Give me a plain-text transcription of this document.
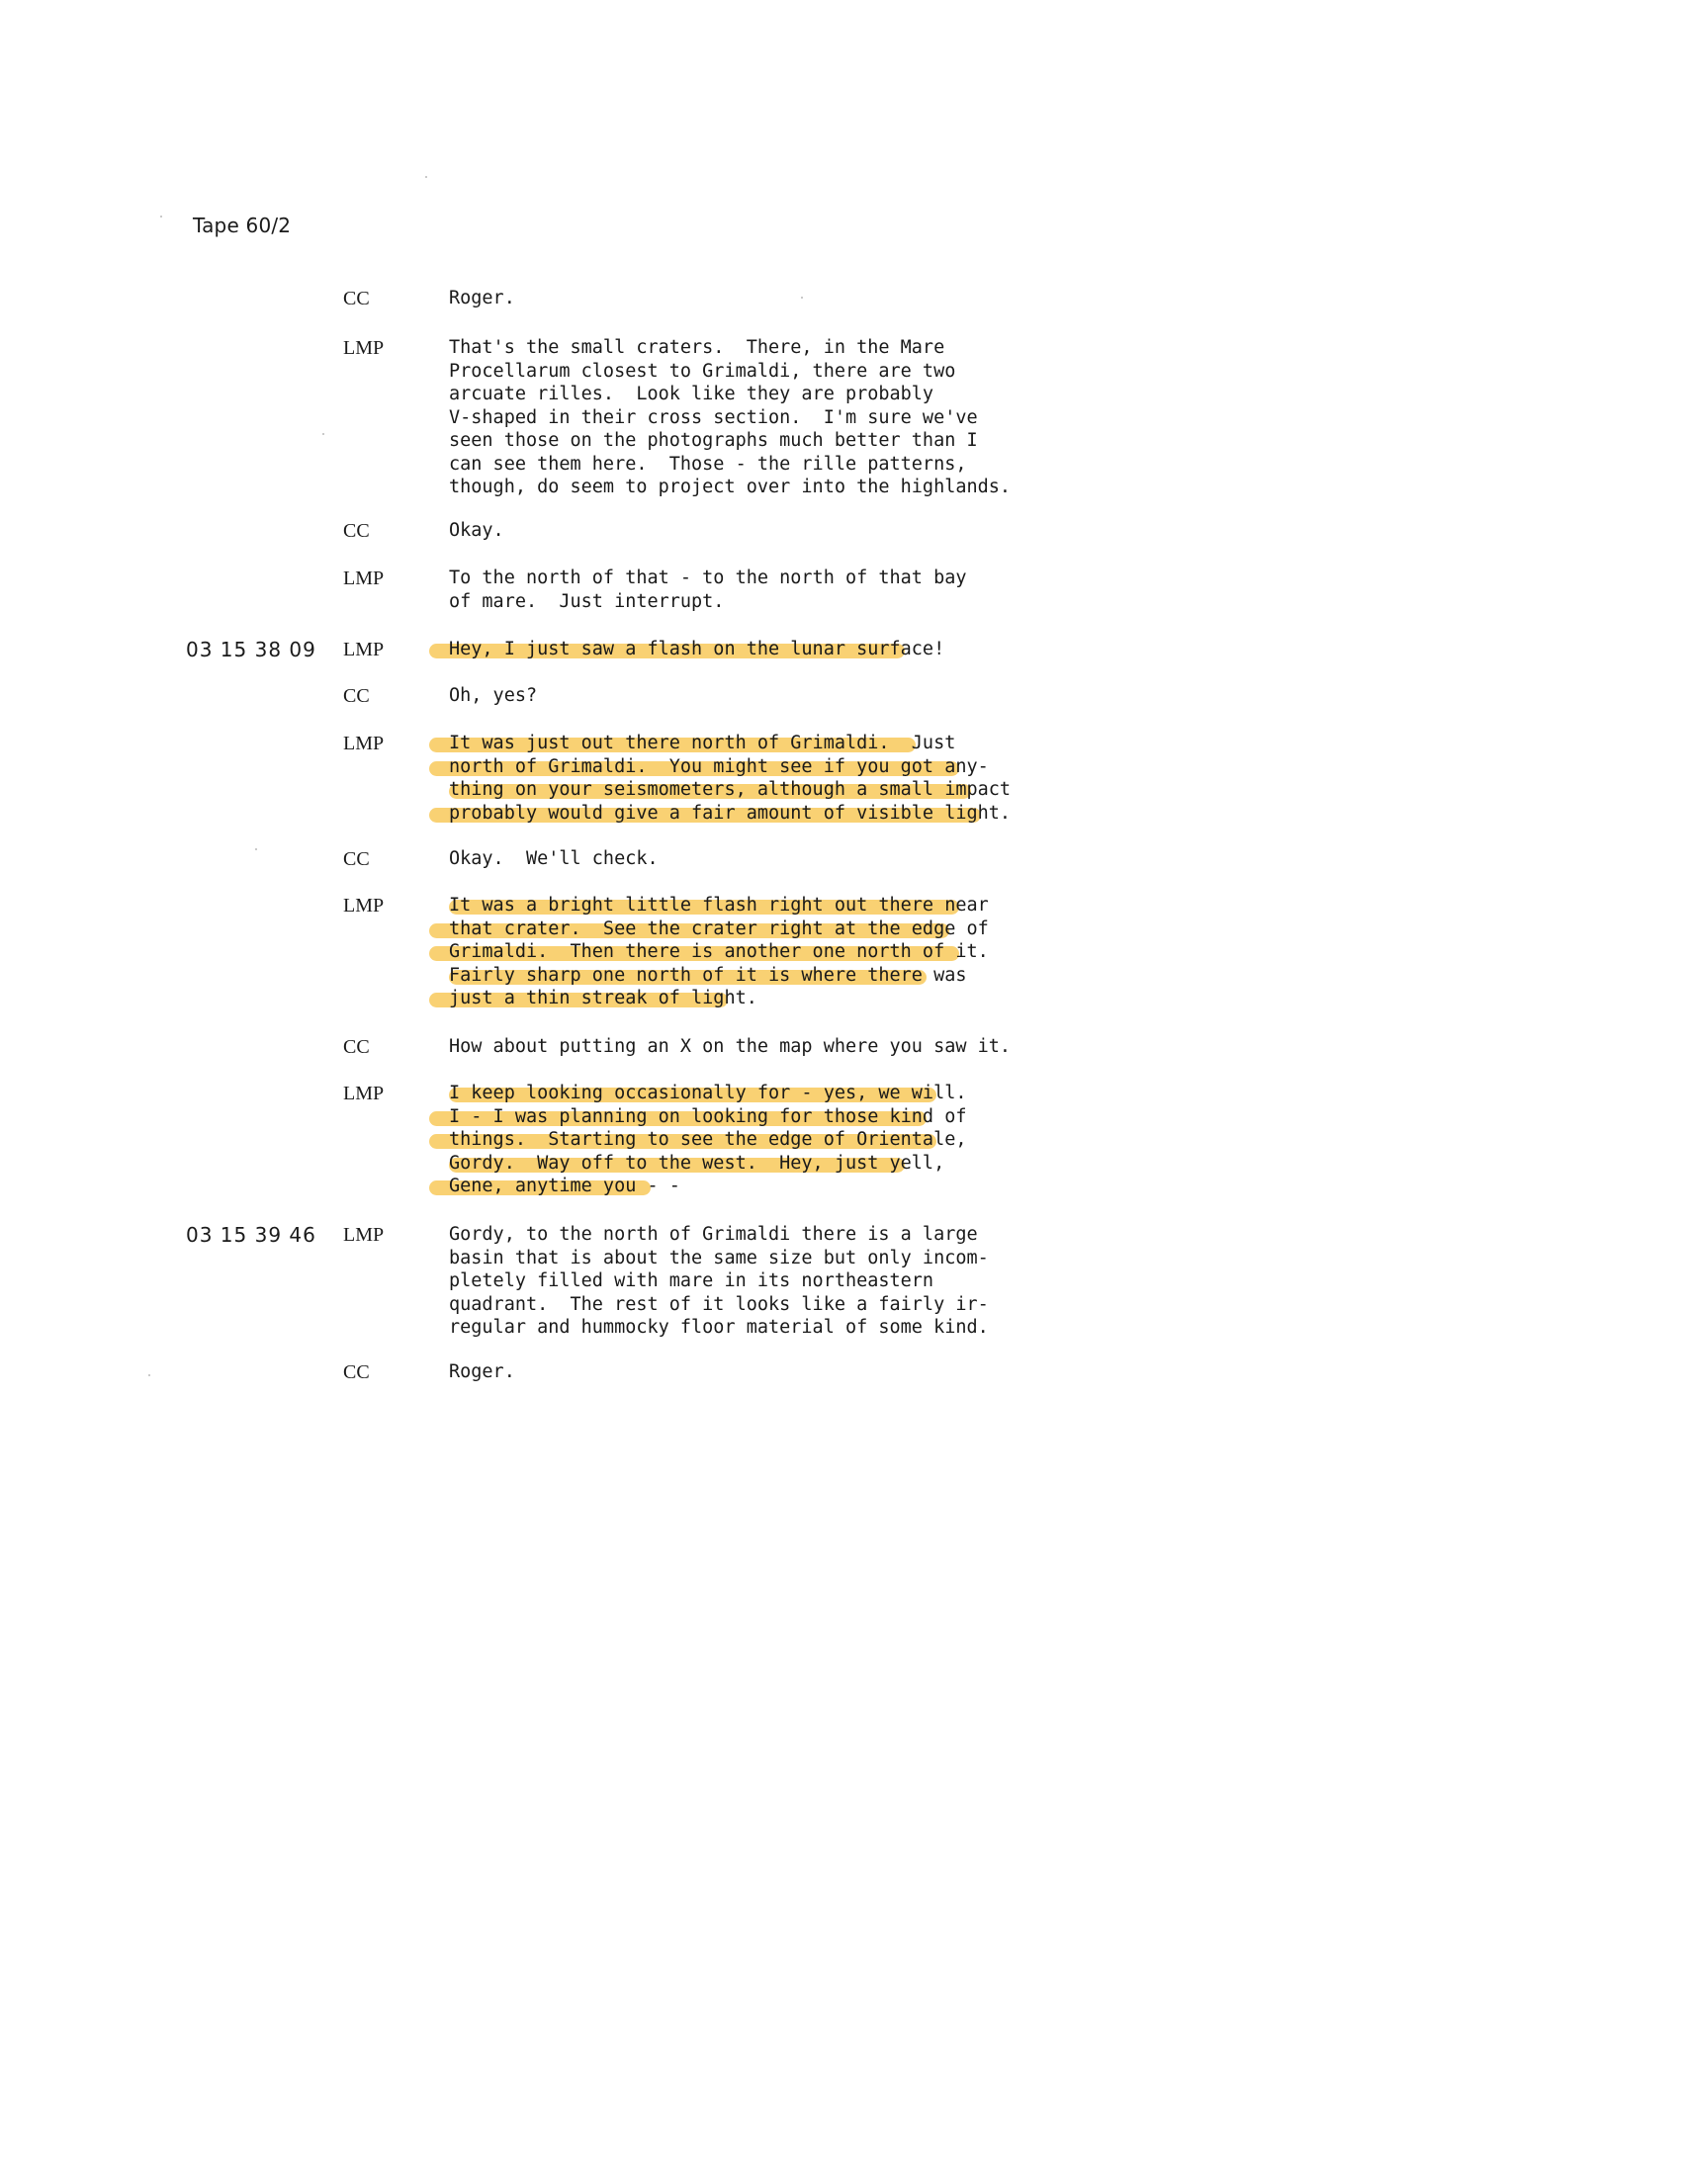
Tape 60/2
CC	Roger.
LMP	That's the small craters.  There, in the Mare
Procellarum closest to Grimaldi, there are two
arcuate rilles.  Look like they are probably
V-shaped in their cross section.  I'm sure we've
seen those on the photographs much better than I
can see them here.  Those - the rille patterns,
though, do seem to project over into the highlands.
CC	Okay.
LMP	To the north of that - to the north of that bay
of mare.  Just interrupt.
03 15 38 09 LMP	Hey, I just saw a flash on the lunar surface!
CC	Oh, yes?
LMP	It was just out there north of Grimaldi.  Just
north of Grimaldi.  You might see if you got any-
thing on your seismometers, although a small impact
probably would give a fair amount of visible light.
CC	Okay.  We'll check.
LMP	It was a bright little flash right out there near
that crater.  See the crater right at the edge of
Grimaldi.  Then there is another one north of it.
Fairly sharp one north of it is where there was
just a thin streak of light.
CC	How about putting an X on the map where you saw it.
LMP	I keep looking occasionally for - yes, we will.
I - I was planning on looking for those kind of
things.  Starting to see the edge of Orientale,
Gordy.  Way off to the west.  Hey, just yell,
Gene, anytime you - -
03 15 39 46 LMP	Gordy, to the north of Grimaldi there is a large
basin that is about the same size but only incom-
pletely filled with mare in its northeastern
quadrant.  The rest of it looks like a fairly ir-
regular and hummocky floor material of some kind.
CC	Roger.
